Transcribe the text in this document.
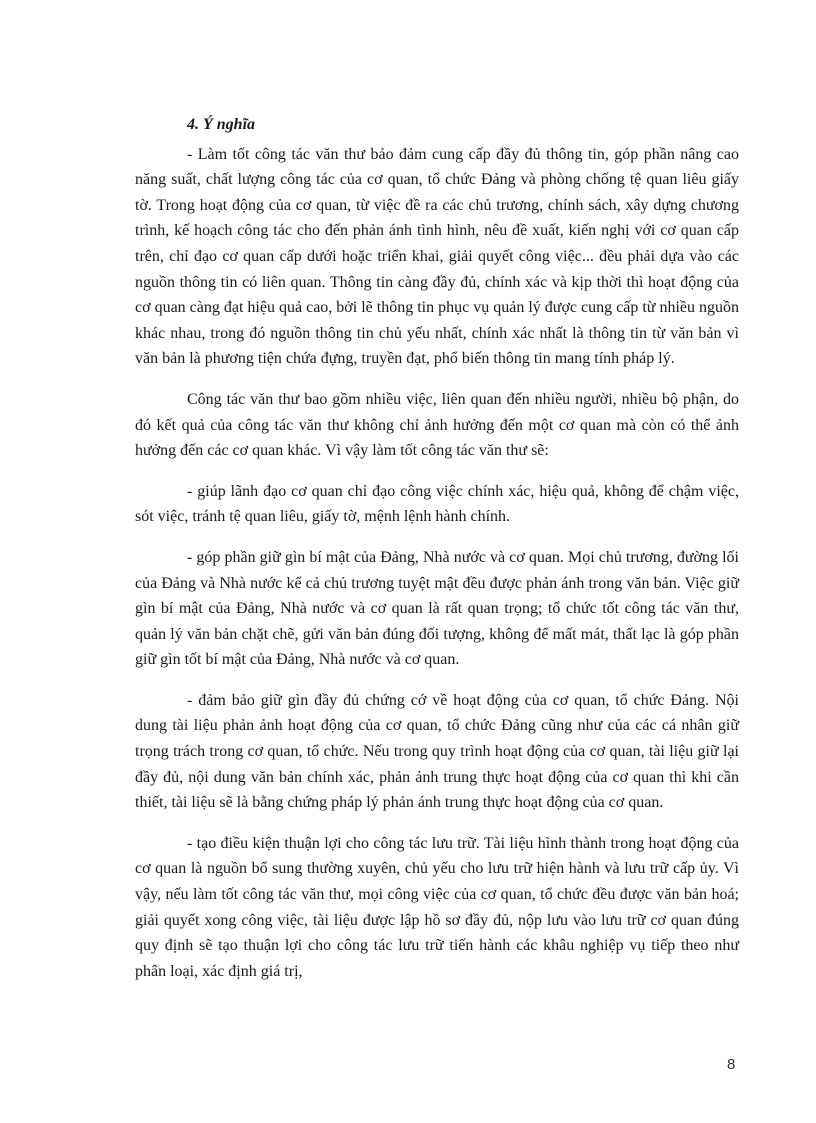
4. Ý nghĩa

- Làm tốt công tác văn thư bảo đảm cung cấp đầy đủ thông tin, góp phần nâng cao năng suất, chất lượng công tác của cơ quan, tổ chức Đảng và phòng chống tệ quan liêu giấy tờ. Trong hoạt động của cơ quan, từ việc đề ra các chủ trương, chính sách, xây dựng chương trình, kế hoạch công tác cho đến phản ánh tình hình, nêu đề xuất, kiến nghị với cơ quan cấp trên, chỉ đạo cơ quan cấp dưới hoặc triển khai, giải quyết công việc... đều phải dựa vào các nguồn thông tin có liên quan. Thông tin càng đầy đủ, chính xác và kịp thời thì hoạt động của cơ quan càng đạt hiệu quả cao, bởi lẽ thông tin phục vụ quản lý được cung cấp từ nhiều nguồn khác nhau, trong đó nguồn thông tin chủ yếu nhất, chính xác nhất là thông tin từ văn bản vì văn bản là phương tiện chứa đựng, truyền đạt, phổ biến thông tin mang tính pháp lý.

Công tác văn thư bao gồm nhiều việc, liên quan đến nhiều người, nhiều bộ phận, do đó kết quả của công tác văn thư không chỉ ảnh hưởng đến một cơ quan mà còn có thể ảnh hưởng đến các cơ quan khác. Vì vậy làm tốt công tác văn thư sẽ:

- giúp lãnh đạo cơ quan chỉ đạo công việc chính xác, hiệu quả, không để chậm việc, sót việc, tránh tệ quan liêu, giấy tờ, mệnh lệnh hành chính.

- góp phần giữ gìn bí mật của Đảng, Nhà nước và cơ quan. Mọi chủ trương, đường lối của Đảng và Nhà nước kể cả chủ trương tuyệt mật đều được phản ánh trong văn bản. Việc giữ gìn bí mật của Đảng, Nhà nước và cơ quan là rất quan trọng; tổ chức tốt công tác văn thư, quản lý văn bản chặt chẽ, gửi văn bản đúng đối tượng, không để mất mát, thất lạc là góp phần giữ gìn tốt bí mật của Đảng, Nhà nước và cơ quan.

- đảm bảo giữ gìn đầy đủ chứng cớ về hoạt động của cơ quan, tổ chức Đảng. Nội dung tài liệu phản ảnh hoạt động của cơ quan, tổ chức Đảng cũng như của các cá nhân giữ trọng trách trong cơ quan, tổ chức. Nếu trong quy trình hoạt động của cơ quan, tài liệu giữ lại đầy đủ, nội dung văn bản chính xác, phản ảnh trung thực hoạt động của cơ quan thì khi cần thiết, tài liệu sẽ là bằng chứng pháp lý phản ánh trung thực hoạt động của cơ quan.

- tạo điều kiện thuận lợi cho công tác lưu trữ. Tài liệu hình thành trong hoạt động của cơ quan là nguồn bổ sung thường xuyên, chủ yếu cho lưu trữ hiện hành và lưu trữ cấp ủy. Vì vậy, nếu làm tốt công tác văn thư, mọi công việc của cơ quan, tổ chức đều được văn bản hoá; giải quyết xong công việc, tài liệu được lập hồ sơ đầy đủ, nộp lưu vào lưu trữ cơ quan đúng quy định sẽ tạo thuận lợi cho công tác lưu trữ tiến hành các khâu nghiệp vụ tiếp theo như phân loại, xác định giá trị,

8
